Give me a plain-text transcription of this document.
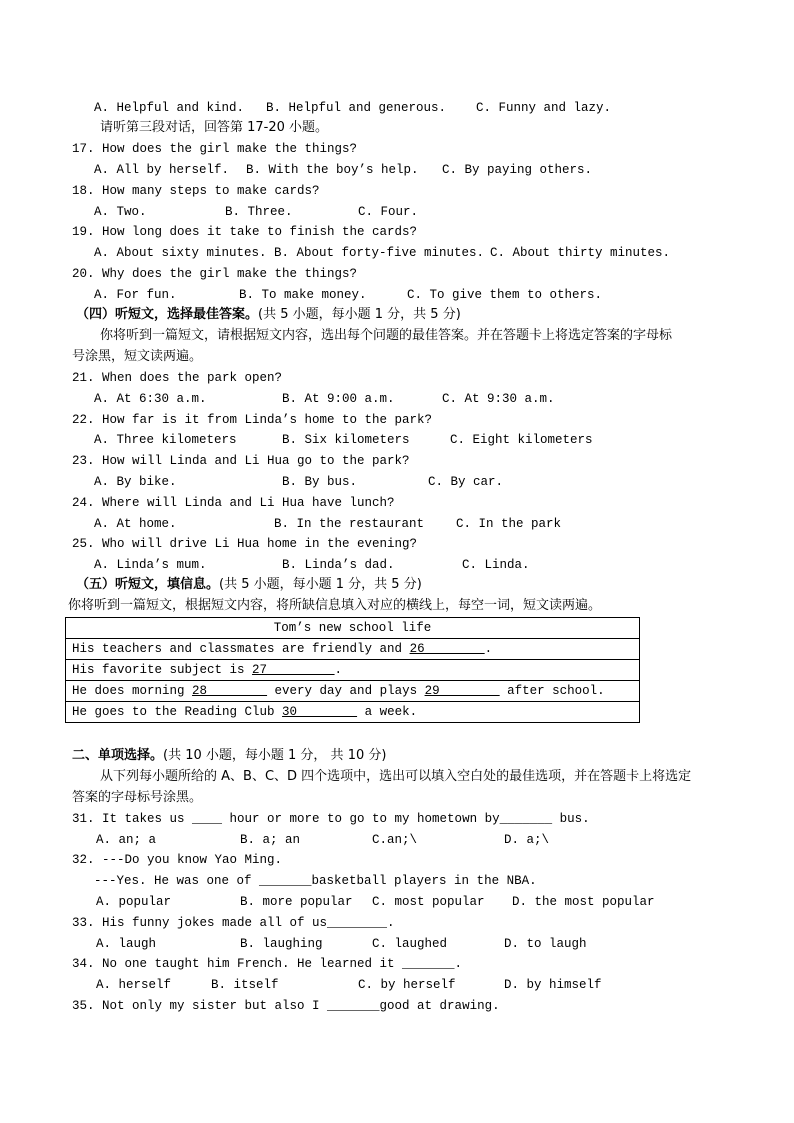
A. Helpful and kind. B. Helpful and generous. C. Funny and lazy.
请听第三段对话，回答第 17-20 小题。
17. How does the girl make the things?
A. All by herself. B. With the boy’s help. C. By paying others.
18. How many steps to make cards?
A. Two.	B. Three.	C. Four.
19. How long does it take to finish the cards?
A. About sixty minutes. B. About forty-five minutes. C. About thirty minutes.
20. Why does the girl make the things?
A. For fun.	B. To make money.	C. To give them to others.
（四）听短文，选择最佳答案。(共 5 小题，每小题 1 分，共 5 分)
你将听到一篇短文，请根据短文内容，选出每个问题的最佳答案。并在答题卡上将选定答案的字母标
号涂黑，短文读两遍。
21. When does the park open?
A. At 6:30 a.m.	B. At 9:00 a.m.	C. At 9:30 a.m.
22. How far is it from Linda’s home to the park?
A. Three kilometers	B. Six kilometers	C. Eight kilometers
23. How will Linda and Li Hua go to the park?
A. By bike.	B. By bus.	C. By car.
24. Where will Linda and Li Hua have lunch?
A. At home.	B. In the restaurant	C. In the park
25. Who will drive Li Hua home in the evening?
A. Linda’s mum.	B. Linda’s dad.	C. Linda.
（五）听短文，填信息。(共 5 小题，每小题 1 分，共 5 分)
你将听到一篇短文，根据短文内容，将所缺信息填入对应的横线上，每空一词，短文读两遍。
Tom’s new school life
His teachers and classmates are friendly and 26________.
His favorite subject is 27_________.
He does morning 28________ every day and plays 29________ after school.
He goes to the Reading Club 30________ a week.
二、单项选择。(共 10 小题，每小题 1 分， 共 10 分)
从下列每小题所给的 A、B、C、D 四个选项中，选出可以填入空白处的最佳选项，并在答题卡上将选定
答案的字母标号涂黑。
31. It takes us ____ hour or more to go to my hometown by_______ bus.
A. an; a	B. a; an	C.an;\	D. a;\
32. ---Do you know Yao Ming.
---Yes. He was one of _______basketball players in the NBA.
A. popular	B. more popular C. most popular D. the most popular
33. His funny jokes made all of us________.
A. laugh	B. laughing	C. laughed	D. to laugh
34. No one taught him French. He learned it _______.
A. herself	B. itself	C. by herself	D. by himself
35. Not only my sister but also I _______good at drawing.
